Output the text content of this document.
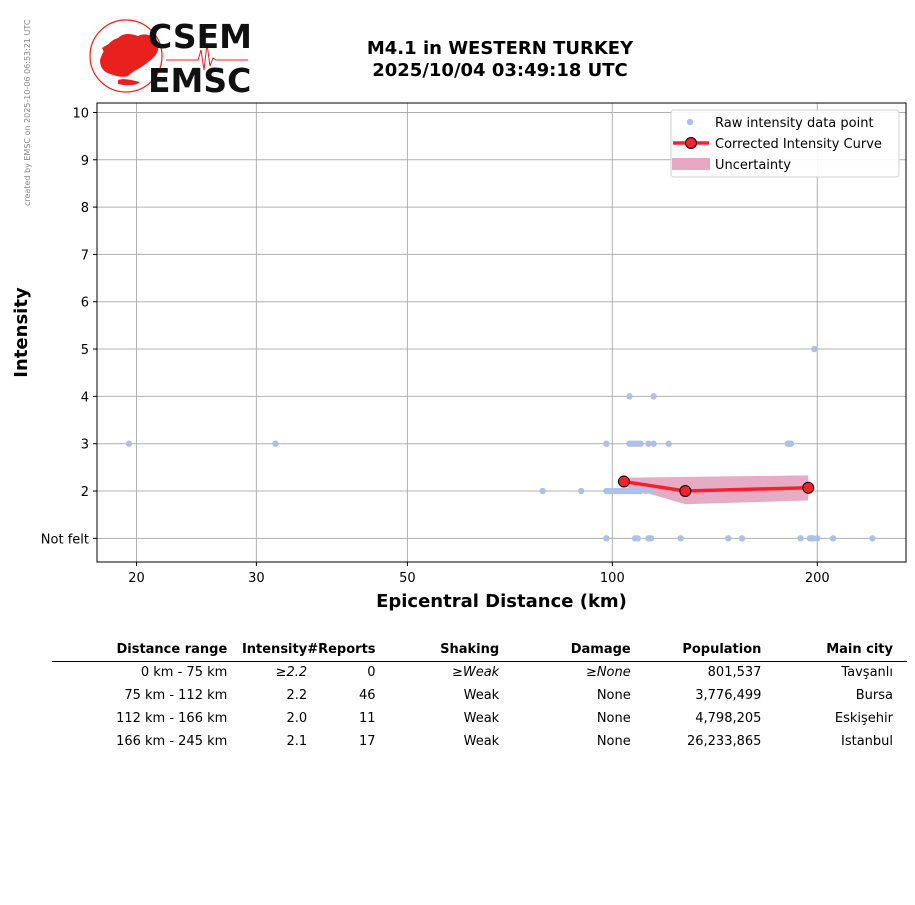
created by EMSC on 2025-10-06 06:53:21 UTC	CSEM
EMSC
M4.1 in WESTERN TURKEY
2025/10/04 03:49:18 UTC
20	30	50	100	200
Not felt
2
3
4
5
6
7
8
9
10
Epicentral Distance (km)
Intensity
Raw intensity data point
Corrected Intensity Curve
Uncertainty
Distance range	Intensity	#Reports	Shaking	Damage	Population	Main city
0 km - 75 km	≥2.2	0	≥Weak	≥None	801,537	Tavşanlı
75 km - 112 km	2.2	46	Weak	None	3,776,499	Bursa
112 km - 166 km	2.0	11	Weak	None	4,798,205	Eskişehir
166 km - 245 km	2.1	17	Weak	None	26,233,865	Istanbul
